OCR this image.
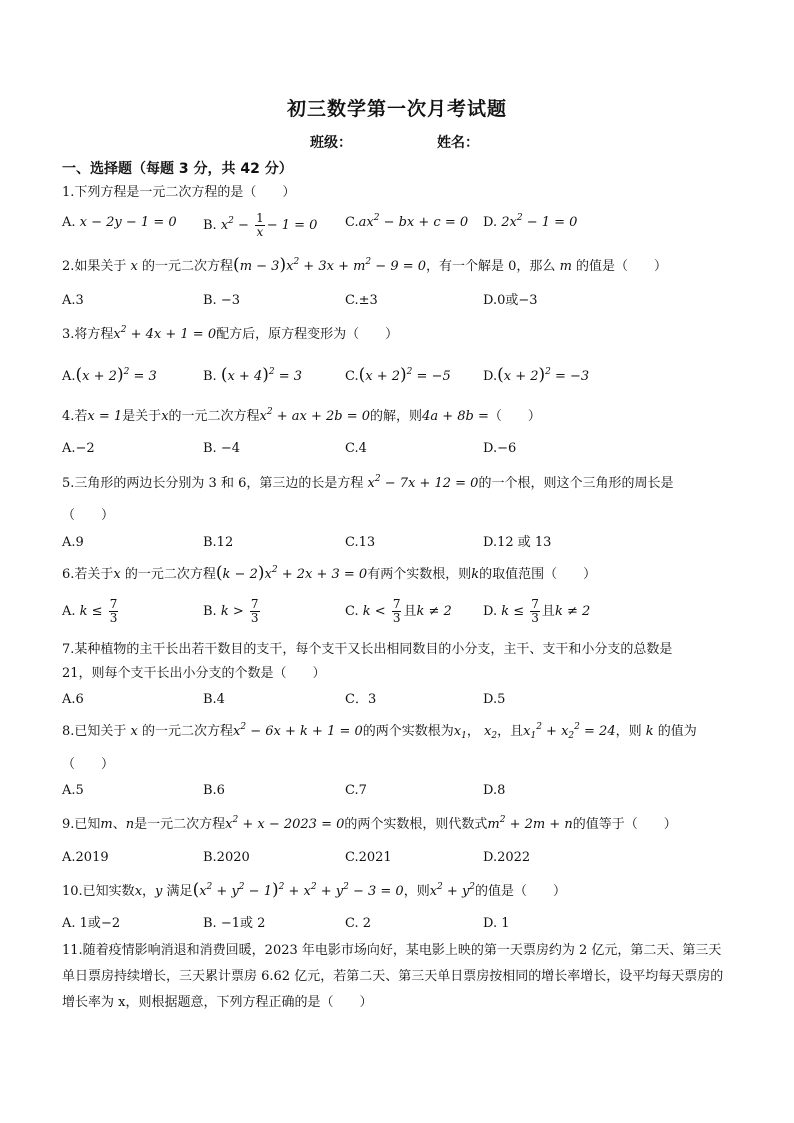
初三数学第一次月考试题
班级：	姓名：
一、选择题（每题 3 分，共 42 分）
1.下列方程是一元二次方程的是（　　）
A. x − 2y − 1 = 0 B. $x^2 - \frac{1}{x} - 1 = 0$ $C.ax^2$ − bx + c = 0 D. $2x^2 - 1 = 0$
2.如果关于 x 的一元二次方程$(m - 3)x^2 + 3x + m^2 - 9 = 0$，有一个解是 0，那么 m 的值是（　　）
A.3	B. −3	C.±3	D.0或−3
3.将方程$x^2 + 4x + 1 = 0$配方后，原方程变形为（　　）
$A.(x + 2)^2 = 3$	B. $(x + 4)^2 = 3$	$C.(x + 2)^2 = -5$ $D.(x + 2)^2 = -3$
4.若x = 1是关于x的一元二次方程$x^2$ + ax + 2b = 0的解，则4a + 8b =（　　）
A.−2	B. −4	C.4	D.−6
5.三角形的两边长分别为 3 和 6，第三边的长是方程 $x^2 - 7x + 12 = 0$的一个根，则这个三角形的周长是
（　　）
A.9	B.12	C.13	D.12 或 13
6.若关于x 的一元二次方程$(k - 2)x^2 + 2x + 3 = 0$有两个实数根，则k的取值范围（　　）
A. $k \le \frac{7}{3}$	B. $k > \frac{7}{3}$	C. $k < \frac{7}{3}$ 且k ≠ 2 D. $k \le \frac{7}{3}$ 且k ≠ 2
7.某种植物的主干长出若干数目的支干，每个支干又长出相同数目的小分支，主干、支干和小分支的总数是
21，则每个支干长出小分支的个数是（　　）
A.6	B.4	C．3	D.5
8.已知关于 x 的一元二次方程$x^2 - 6x + k + 1 = 0$的两个实数根为$x_1$， $x_2$，且$x_1^2 + x_2^2 = 24$，则 k 的值为
（　　）
A.5	B.6	C.7	D.8
9.已知m、n是一元二次方程$x^2 + x - 2023 = 0$的两个实数根，则代数式$m^2 + 2m + n$的值等于（　　）
A.2019	B.2020	C.2021	D.2022
10.已知实数x，y 满足$(x^2 + y^2 - 1)^2 + x^2 + y^2 - 3 = 0$，则$x^2 + y^2$的值是（　　）
A. 1或−2	B. −1或 2	C. 2	D. 1
11.随着疫情影响消退和消费回暖，2023 年电影市场向好，某电影上映的第一天票房约为 2 亿元，第二天、第三天单日票房持续增长，三天累计票房 6.62 亿元，若第二天、第三天单日票房按相同的增长率增长，设平均每天票房的增长率为 x，则根据题意，下列方程正确的是（　　）
